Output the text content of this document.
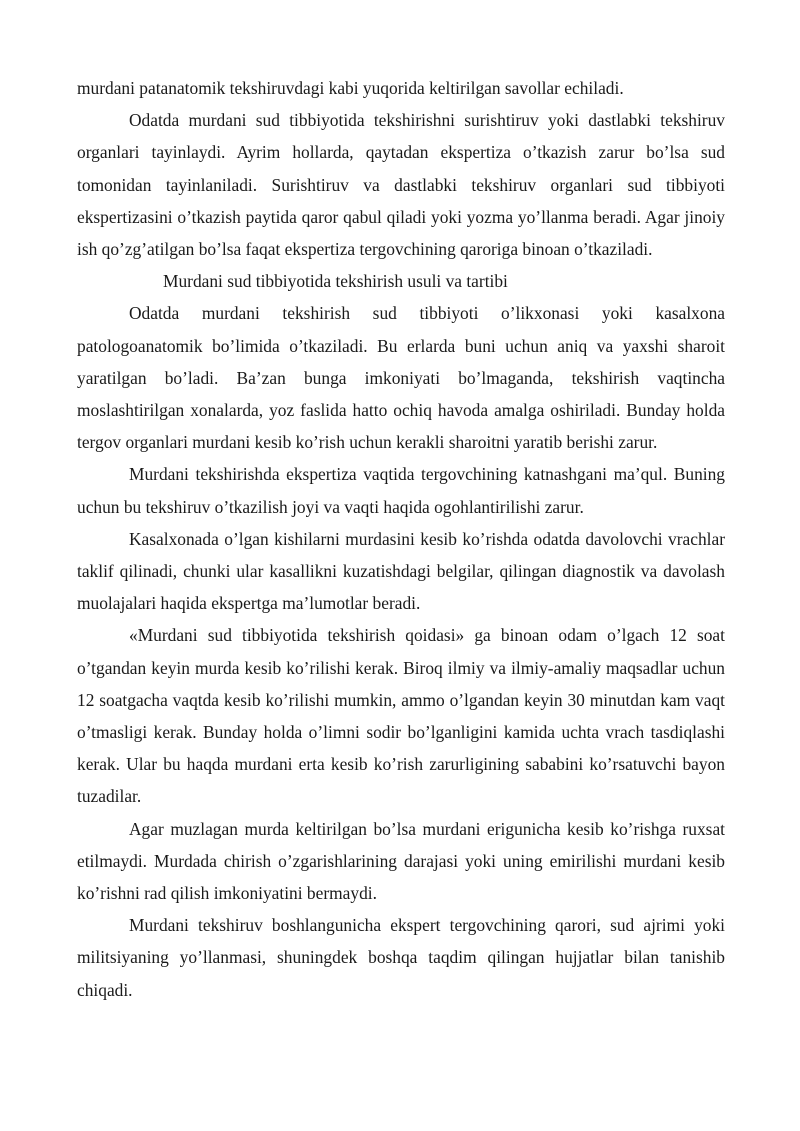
murdani patanatomik tekshiruvdagi kabi yuqorida keltirilgan savollar echiladi.

Odatda murdani sud tibbiyotida tekshirishni surishtiruv yoki dastlabki tekshiruv organlari tayinlaydi. Ayrim hollarda, qaytadan ekspertiza o’tkazish zarur bo’lsa sud tomonidan tayinlaniladi. Surishtiruv va dastlabki tekshiruv organlari sud tibbiyoti ekspertizasini o’tkazish paytida qaror qabul qiladi yoki yozma yo’llanma beradi. Agar jinoiy ish qo’zg’atilgan bo’lsa faqat ekspertiza tergovchining qaroriga binoan o’tkaziladi.

Murdani sud tibbiyotida tekshirish usuli va tartibi

Odatda murdani tekshirish sud tibbiyoti o’likxonasi yoki kasalxona patologoanatomik bo’limida o’tkaziladi. Bu erlarda buni uchun aniq va yaxshi sharoit yaratilgan bo’ladi. Ba’zan bunga imkoniyati bo’lmaganda, tekshirish vaqtincha moslashtirilgan xonalarda, yoz faslida hatto ochiq havoda amalga oshiriladi. Bunday holda tergov organlari murdani kesib ko’rish uchun kerakli sharoitni yaratib berishi zarur.

Murdani tekshirishda ekspertiza vaqtida tergovchining katnashgani ma’qul. Buning uchun bu tekshiruv o’tkazilish joyi va vaqti haqida ogohlantirilishi zarur.

Kasalxonada o’lgan kishilarni murdasini kesib ko’rishda odatda davolovchi vrachlar taklif qilinadi, chunki ular kasallikni kuzatishdagi belgilar, qilingan diagnostik va davolash muolajalari haqida ekspertga ma’lumotlar beradi.

«Murdani sud tibbiyotida tekshirish qoidasi» ga binoan odam o’lgach 12 soat o’tgandan keyin murda kesib ko’rilishi kerak. Biroq ilmiy va ilmiy-amaliy maqsadlar uchun 12 soatgacha vaqtda kesib ko’rilishi mumkin, ammo o’lgandan keyin 30 minutdan kam vaqt o’tmasligi kerak. Bunday holda o’limni sodir bo’lganligini kamida uchta vrach tasdiqlashi kerak. Ular bu haqda murdani erta kesib ko’rish zarurligining sababini ko’rsatuvchi bayon tuzadilar.

Agar muzlagan murda keltirilgan bo’lsa murdani erigunicha kesib ko’rishga ruxsat etilmaydi. Murdada chirish o’zgarishlarining darajasi yoki uning emirilishi murdani kesib ko’rishni rad qilish imkoniyatini bermaydi.

Murdani tekshiruv boshlangunicha ekspert tergovchining qarori, sud ajrimi yoki militsiyaning yo’llanmasi, shuningdek boshqa taqdim qilingan hujjatlar bilan tanishib chiqadi.
